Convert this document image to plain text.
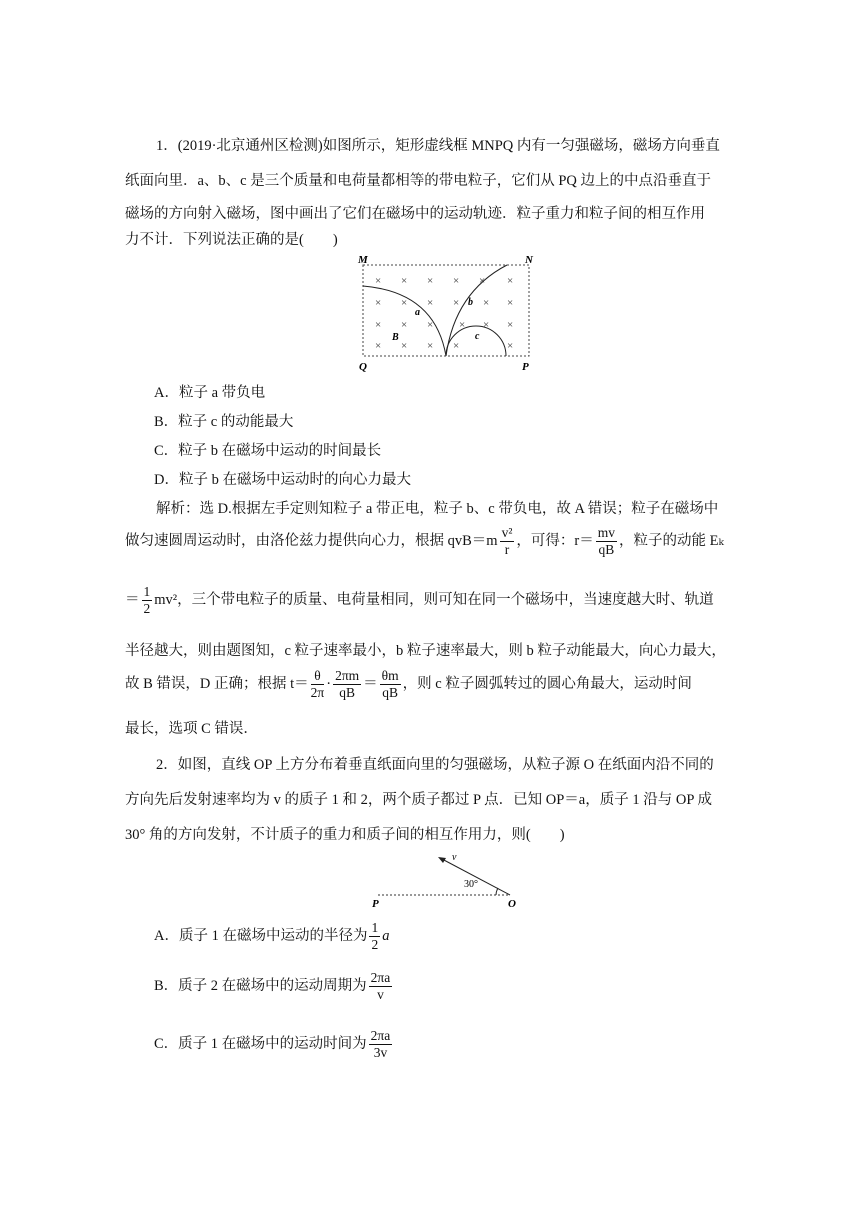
1．(2019·北京通州区检测)如图所示，矩形虚线框 MNPQ 内有一匀强磁场，磁场方向垂直
纸面向里．a、b、c 是三个质量和电荷量都相等的带电粒子，它们从 PQ 边上的中点沿垂直于
磁场的方向射入磁场，图中画出了它们在磁场中的运动轨迹．粒子重力和粒子间的相互作用
力不计．下列说法正确的是(　　)
M	N
Q	P
× × × × × ×
× × × × × ×
× × × × × ×
× × × ×	×
a
b
c
B
A．粒子 a 带负电
B．粒子 c 的动能最大
C．粒子 b 在磁场中运动的时间最长
D．粒子 b 在磁场中运动时的向心力最大
解析：选 D.根据左手定则知粒子 a 带正电，粒子 b、c 带负电，故 A 错误；粒子在磁场中
做匀速圆周运动时，由洛伦兹力提供向心力，根据 $qvB=m \frac{\text{v²}}{r}$ ，可得：$r= \frac{mv}{qB}$ ，粒子的动能 Eₖ
＝ $\frac{1}{2} mv^2$，三个带电粒子的质量、电荷量相同，则可知在同一个磁场中，当速度越大时、轨道
半径越大，则由题图知，c 粒子速率最小，b 粒子速率最大，则 b 粒子动能最大，向心力最大，
故 B 错误，D 正确；根据 $t= \frac{\theta}{2\pi} \cdot \frac{2\pi m}{qB} = \frac{\theta m}{qB}$ ，则 c 粒子圆弧转过的圆心角最大，运动时间
最长，选项 C 错误．
2．如图，直线 OP 上方分布着垂直纸面向里的匀强磁场，从粒子源 O 在纸面内沿不同的
方向先后发射速率均为 v 的质子 1 和 2，两个质子都过 P 点．已知 OP＝a，质子 1 沿与 OP 成
30° 角的方向发射，不计质子的重力和质子间的相互作用力，则(　　)
v
30°
P	O
A．质子 1 在磁场中运动的半径为 $\frac{1}{2}$ a
B．质子 2 在磁场中的运动周期为 $\frac{2\pi a}{v}$
C．质子 1 在磁场中的运动时间为 $\frac{2\pi a}{3v}$
